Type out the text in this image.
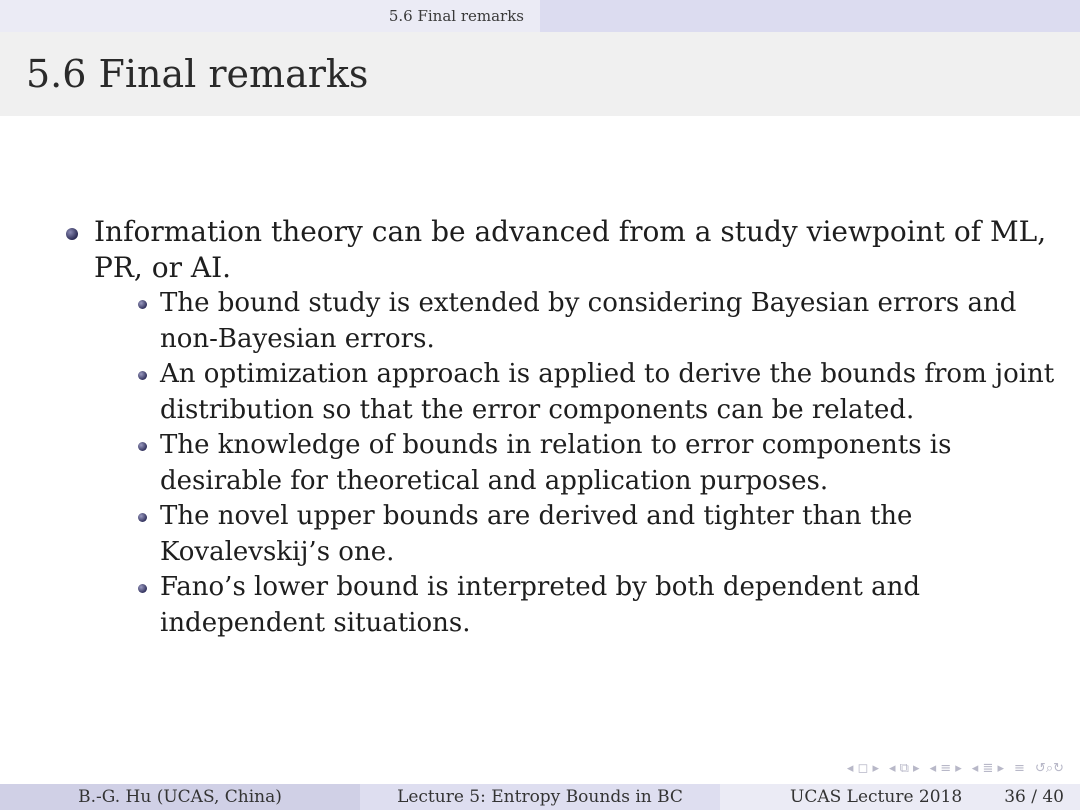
5.6 Final remarks
5.6 Final remarks
Information theory can be advanced from a study viewpoint of ML, PR, or AI.
The bound study is extended by considering Bayesian errors and non-Bayesian errors.
An optimization approach is applied to derive the bounds from joint distribution so that the error components can be related.
The knowledge of bounds in relation to error components is desirable for theoretical and application purposes.
The novel upper bounds are derived and tighter than the Kovalevskij’s one.
Fano’s lower bound is interpreted by both dependent and independent situations.
◂ ◻ ▸ ◂ ⧉ ▸ ◂ ≡ ▸ ◂ ≣ ▸ ≡ ↺⌕↻
B.-G. Hu (UCAS, China)	Lecture 5: Entropy Bounds in BC	UCAS Lecture 2018 36 / 40
